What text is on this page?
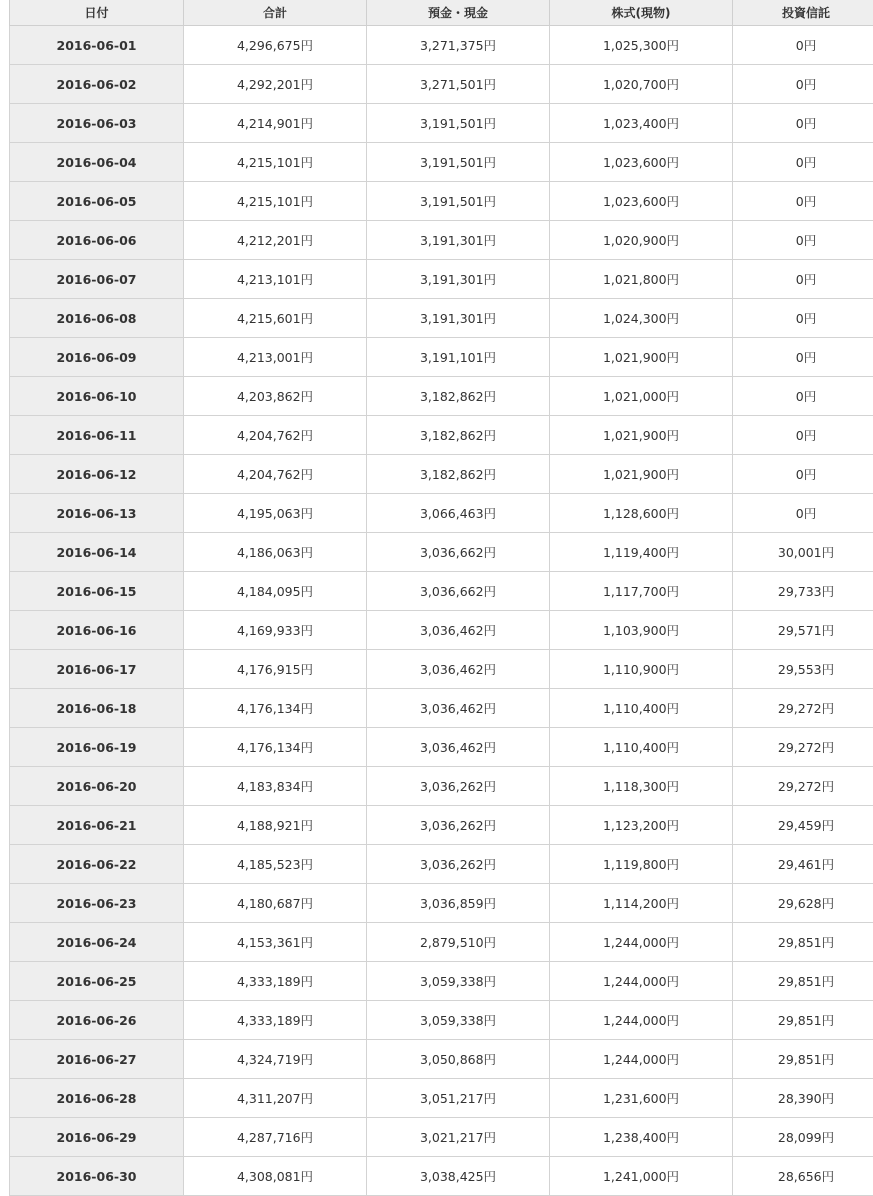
日付	合計	預金・現金	株式(現物)	投資信託
2016-06-01	4,296,675円	3,271,375円	1,025,300円	0円
2016-06-02	4,292,201円	3,271,501円	1,020,700円	0円
2016-06-03	4,214,901円	3,191,501円	1,023,400円	0円
2016-06-04	4,215,101円	3,191,501円	1,023,600円	0円
2016-06-05	4,215,101円	3,191,501円	1,023,600円	0円
2016-06-06	4,212,201円	3,191,301円	1,020,900円	0円
2016-06-07	4,213,101円	3,191,301円	1,021,800円	0円
2016-06-08	4,215,601円	3,191,301円	1,024,300円	0円
2016-06-09	4,213,001円	3,191,101円	1,021,900円	0円
2016-06-10	4,203,862円	3,182,862円	1,021,000円	0円
2016-06-11	4,204,762円	3,182,862円	1,021,900円	0円
2016-06-12	4,204,762円	3,182,862円	1,021,900円	0円
2016-06-13	4,195,063円	3,066,463円	1,128,600円	0円
2016-06-14	4,186,063円	3,036,662円	1,119,400円	30,001円
2016-06-15	4,184,095円	3,036,662円	1,117,700円	29,733円
2016-06-16	4,169,933円	3,036,462円	1,103,900円	29,571円
2016-06-17	4,176,915円	3,036,462円	1,110,900円	29,553円
2016-06-18	4,176,134円	3,036,462円	1,110,400円	29,272円
2016-06-19	4,176,134円	3,036,462円	1,110,400円	29,272円
2016-06-20	4,183,834円	3,036,262円	1,118,300円	29,272円
2016-06-21	4,188,921円	3,036,262円	1,123,200円	29,459円
2016-06-22	4,185,523円	3,036,262円	1,119,800円	29,461円
2016-06-23	4,180,687円	3,036,859円	1,114,200円	29,628円
2016-06-24	4,153,361円	2,879,510円	1,244,000円	29,851円
2016-06-25	4,333,189円	3,059,338円	1,244,000円	29,851円
2016-06-26	4,333,189円	3,059,338円	1,244,000円	29,851円
2016-06-27	4,324,719円	3,050,868円	1,244,000円	29,851円
2016-06-28	4,311,207円	3,051,217円	1,231,600円	28,390円
2016-06-29	4,287,716円	3,021,217円	1,238,400円	28,099円
2016-06-30	4,308,081円	3,038,425円	1,241,000円	28,656円
